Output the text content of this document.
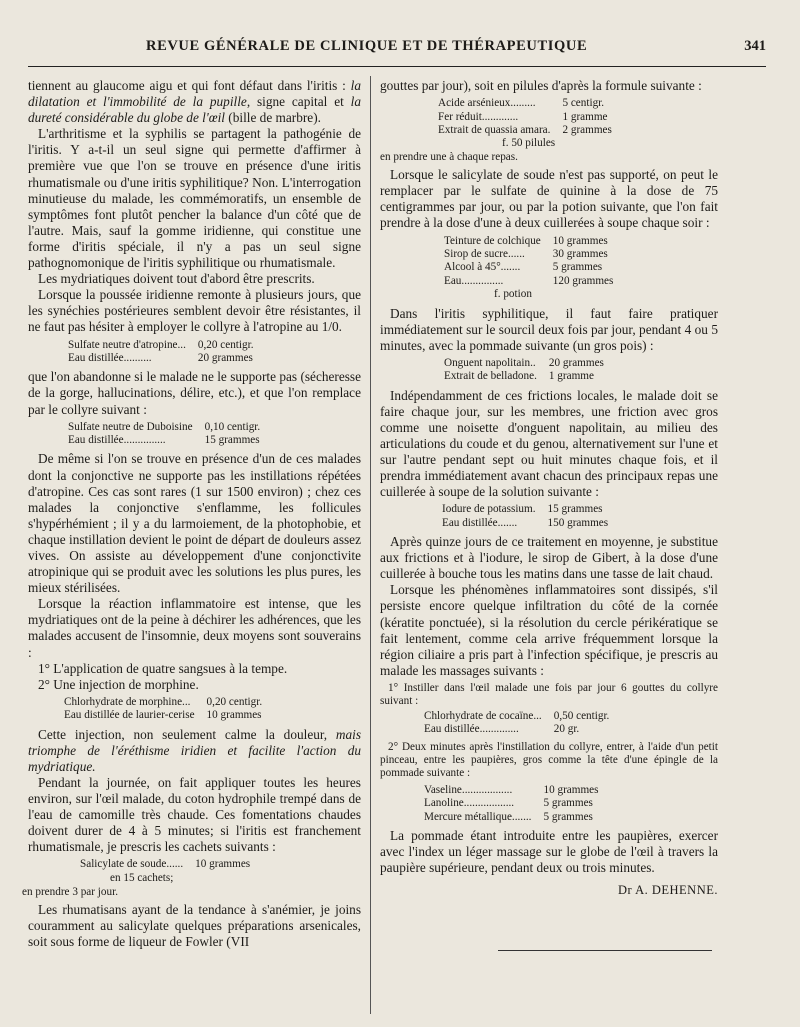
REVUE GÉNÉRALE DE CLINIQUE ET DE THÉRAPEUTIQUE	341

tiennent au glaucome aigu et qui font défaut dans l'iritis : la dilatation et l'immobilité de la pupille, signe capital et la dureté considérable du globe de l'œil (bille de marbre).

L'arthritisme et la syphilis se partagent la pathogénie de l'iritis. Y a-t-il un seul signe qui permette d'affirmer à première vue que l'on se trouve en présence d'une iritis rhumatismale ou d'une iritis syphilitique? Non. L'interrogation minutieuse du malade, les commémoratifs, un ensemble de symptômes font plutôt pencher la balance d'un côté que de l'autre. Mais, sauf la gomme iridienne, qui constitue une forme d'iritis spéciale, il n'y a pas un seul signe pathognomonique de l'iritis syphilitique ou rhumatismale.

Les mydriatiques doivent tout d'abord être prescrits.

Lorsque la poussée iridienne remonte à plusieurs jours, que les synéchies postérieures semblent devoir être résistantes, il ne faut pas hésiter à employer le collyre à l'atropine au 1/0.

Sulfate neutre d'atropine...	0,20 centigr.
Eau distillée..........	20 grammes

que l'on abandonne si le malade ne le supporte pas (sécheresse de la gorge, hallucinations, délire, etc.), et que l'on remplace par le collyre suivant :

Sulfate neutre de Duboisine	0,10 centigr.
Eau distillée...............	15 grammes

De même si l'on se trouve en présence d'un de ces malades dont la conjonctive ne supporte pas les instillations répétées d'atropine. Ces cas sont rares (1 sur 1500 environ) ; chez ces malades la conjonctive s'enflamme, les follicules s'hypérhémient ; il y a du larmoiement, de la photophobie, et chaque instillation devient le point de départ de douleurs assez vives. On assiste au développement d'une conjonctivite atropinique qui se produit avec les solutions les plus pures, les mieux stérilisées.

Lorsque la réaction inflammatoire est intense, que les mydriatiques ont de la peine à déchirer les adhérences, que les malades accusent de l'insomnie, deux moyens sont souverains :

1° L'application de quatre sangsues à la tempe.

2° Une injection de morphine.

Chlorhydrate de morphine...	0,20 centigr.
Eau distillée de laurier-cerise	10 grammes

Cette injection, non seulement calme la douleur, mais triomphe de l'éréthisme iridien et facilite l'action du mydriatique.

Pendant la journée, on fait appliquer toutes les heures environ, sur l'œil malade, du coton hydrophile trempé dans de l'eau de camomille très chaude. Ces fomentations chaudes doivent durer de 4 à 5 minutes; si l'iritis est franchement rhumatismale, je prescris les cachets suivants :

Salicylate de soude......	10 grammes
en 15 cachets;
en prendre 3 par jour.

Les rhumatisans ayant de la tendance à s'anémier, je joins couramment au salicylate quelques préparations arsenicales, soit sous forme de liqueur de Fowler (VII

gouttes par jour), soit en pilules d'après la formule suivante :

Acide arsénieux.........	5 centigr.
Fer réduit.............	1 gramme
Extrait de quassia amara.	2 grammes
f. 50 pilules
en prendre une à chaque repas.

Lorsque le salicylate de soude n'est pas supporté, on peut le remplacer par le sulfate de quinine à la dose de 75 centigrammes par jour, ou par la potion suivante, que l'on fait prendre à la dose d'une à deux cuillerées à soupe chaque soir :

Teinture de colchique	10 grammes
Sirop de sucre......	30 grammes
Alcool à 45°.......	5 grammes
Eau...............	120 grammes
f. potion

Dans l'iritis syphilitique, il faut faire pratiquer immédiatement sur le sourcil deux fois par jour, pendant 4 ou 5 minutes, avec la pommade suivante (un gros pois) :

Onguent napolitain..	20 grammes
Extrait de belladone.	1 gramme

Indépendamment de ces frictions locales, le malade doit se faire chaque jour, sur les membres, une friction avec gros comme une noisette d'onguent napolitain, au milieu des articulations du coude et du genou, alternativement sur l'une et sur l'autre pendant sept ou huit minutes chaque fois, et il prendra immédiatement avant chacun des principaux repas une cuillerée à soupe de la solution suivante :

Iodure de potassium.	15 grammes
Eau distillée.......	150 grammes

Après quinze jours de ce traitement en moyenne, je substitue aux frictions et à l'iodure, le sirop de Gibert, à la dose d'une cuillerée à bouche tous les matins dans une tasse de lait chaud.

Lorsque les phénomènes inflammatoires sont dissipés, s'il persiste encore quelque infiltration du côté de la cornée (kératite ponctuée), si la résolution du cercle périkératique se fait lentement, comme cela arrive fréquemment lorsque la région ciliaire a pris part à l'infection spécifique, je prescris au malade les massages suivants :

1° Instiller dans l'œil malade une fois par jour 6 gouttes du collyre suivant :

Chlorhydrate de cocaïne...	0,50 centigr.
Eau distillée..............	20 gr.

2° Deux minutes après l'instillation du collyre, entrer, à l'aide d'un petit pinceau, entre les paupières, gros comme la tête d'une épingle de la pommade suivante :

Vaseline..................	10 grammes
Lanoline..................	5 grammes
Mercure métallique.......	5 grammes

La pommade étant introduite entre les paupières, exercer avec l'index un léger massage sur le globe de l'œil à travers la paupière supérieure, pendant deux ou trois minutes.

Dr A. DEHENNE.
